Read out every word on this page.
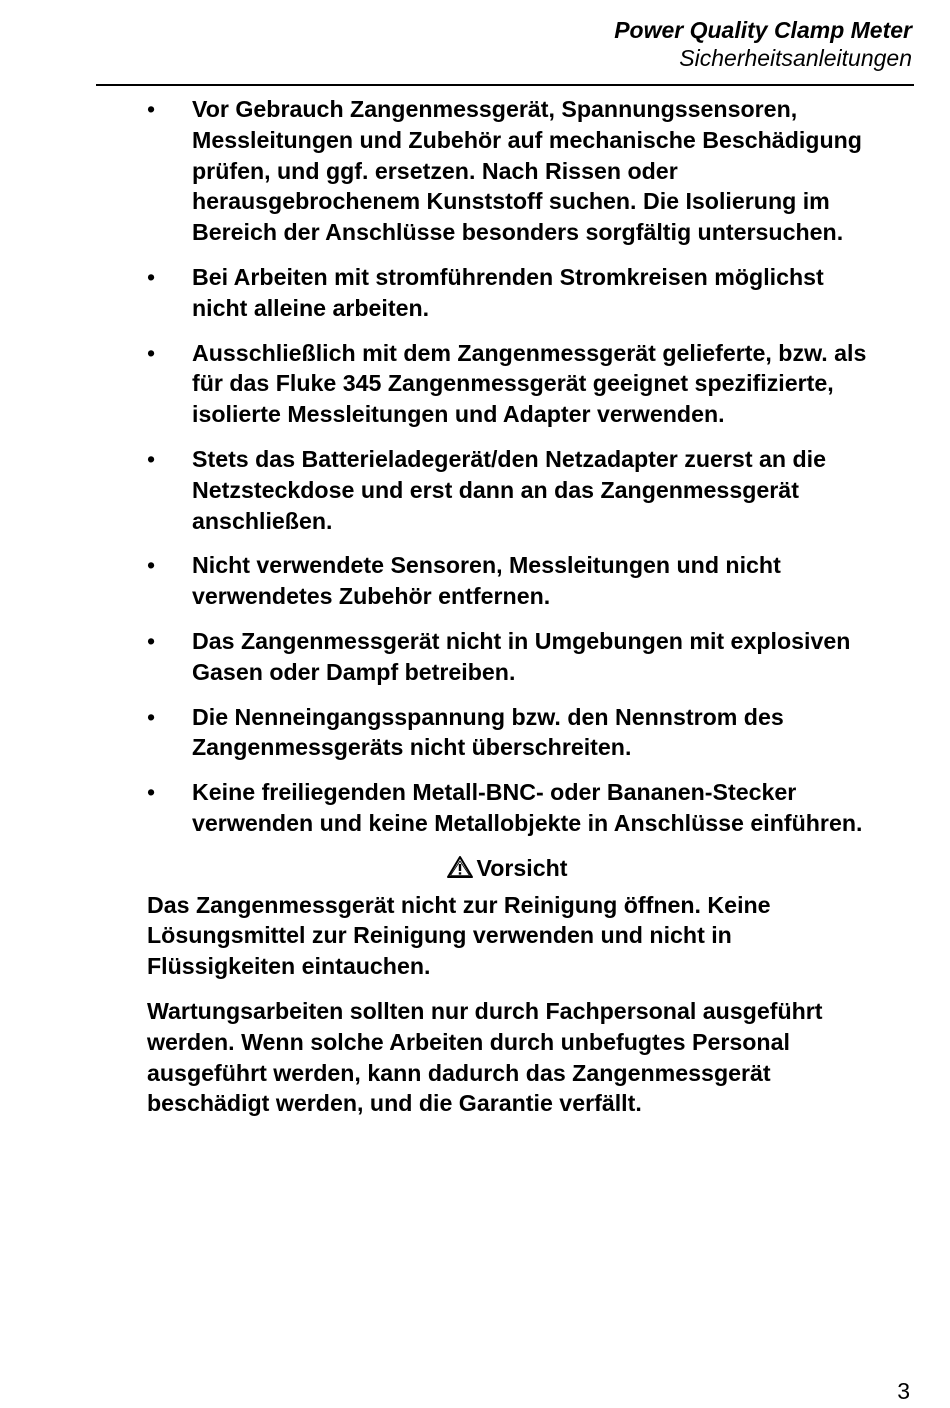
Power Quality Clamp Meter
Sicherheitsanleitungen
• Vor Gebrauch Zangenmessgerät, Spannungssensoren, Messleitungen und Zubehör auf mechanische Beschädigung prüfen, und ggf. ersetzen. Nach Rissen oder herausgebrochenem Kunststoff suchen. Die Isolierung im Bereich der Anschlüsse besonders sorgfältig untersuchen.
• Bei Arbeiten mit stromführenden Stromkreisen möglichst nicht alleine arbeiten.
• Ausschließlich mit dem Zangenmessgerät gelieferte, bzw. als für das Fluke 345 Zangenmessgerät geeignet spezifizierte, isolierte Messleitungen und Adapter verwenden.
• Stets das Batterieladegerät/den Netzadapter zuerst an die Netzsteckdose und erst dann an das Zangenmessgerät anschließen.
• Nicht verwendete Sensoren, Messleitungen und nicht verwendetes Zubehör entfernen.
• Das Zangenmessgerät nicht in Umgebungen mit explosiven Gasen oder Dampf betreiben.
• Die Nenneingangsspannung bzw. den Nennstrom des Zangenmessgeräts nicht überschreiten.
• Keine freiliegenden Metall-BNC- oder Bananen-Stecker verwenden und keine Metallobjekte in Anschlüsse einführen.
Vorsicht

Das Zangenmessgerät nicht zur Reinigung öffnen. Keine Lösungsmittel zur Reinigung verwenden und nicht in Flüssigkeiten eintauchen.

Wartungsarbeiten sollten nur durch Fachpersonal ausgeführt werden. Wenn solche Arbeiten durch unbefugtes Personal ausgeführt werden, kann dadurch das Zangenmessgerät beschädigt werden, und die Garantie verfällt.

3
